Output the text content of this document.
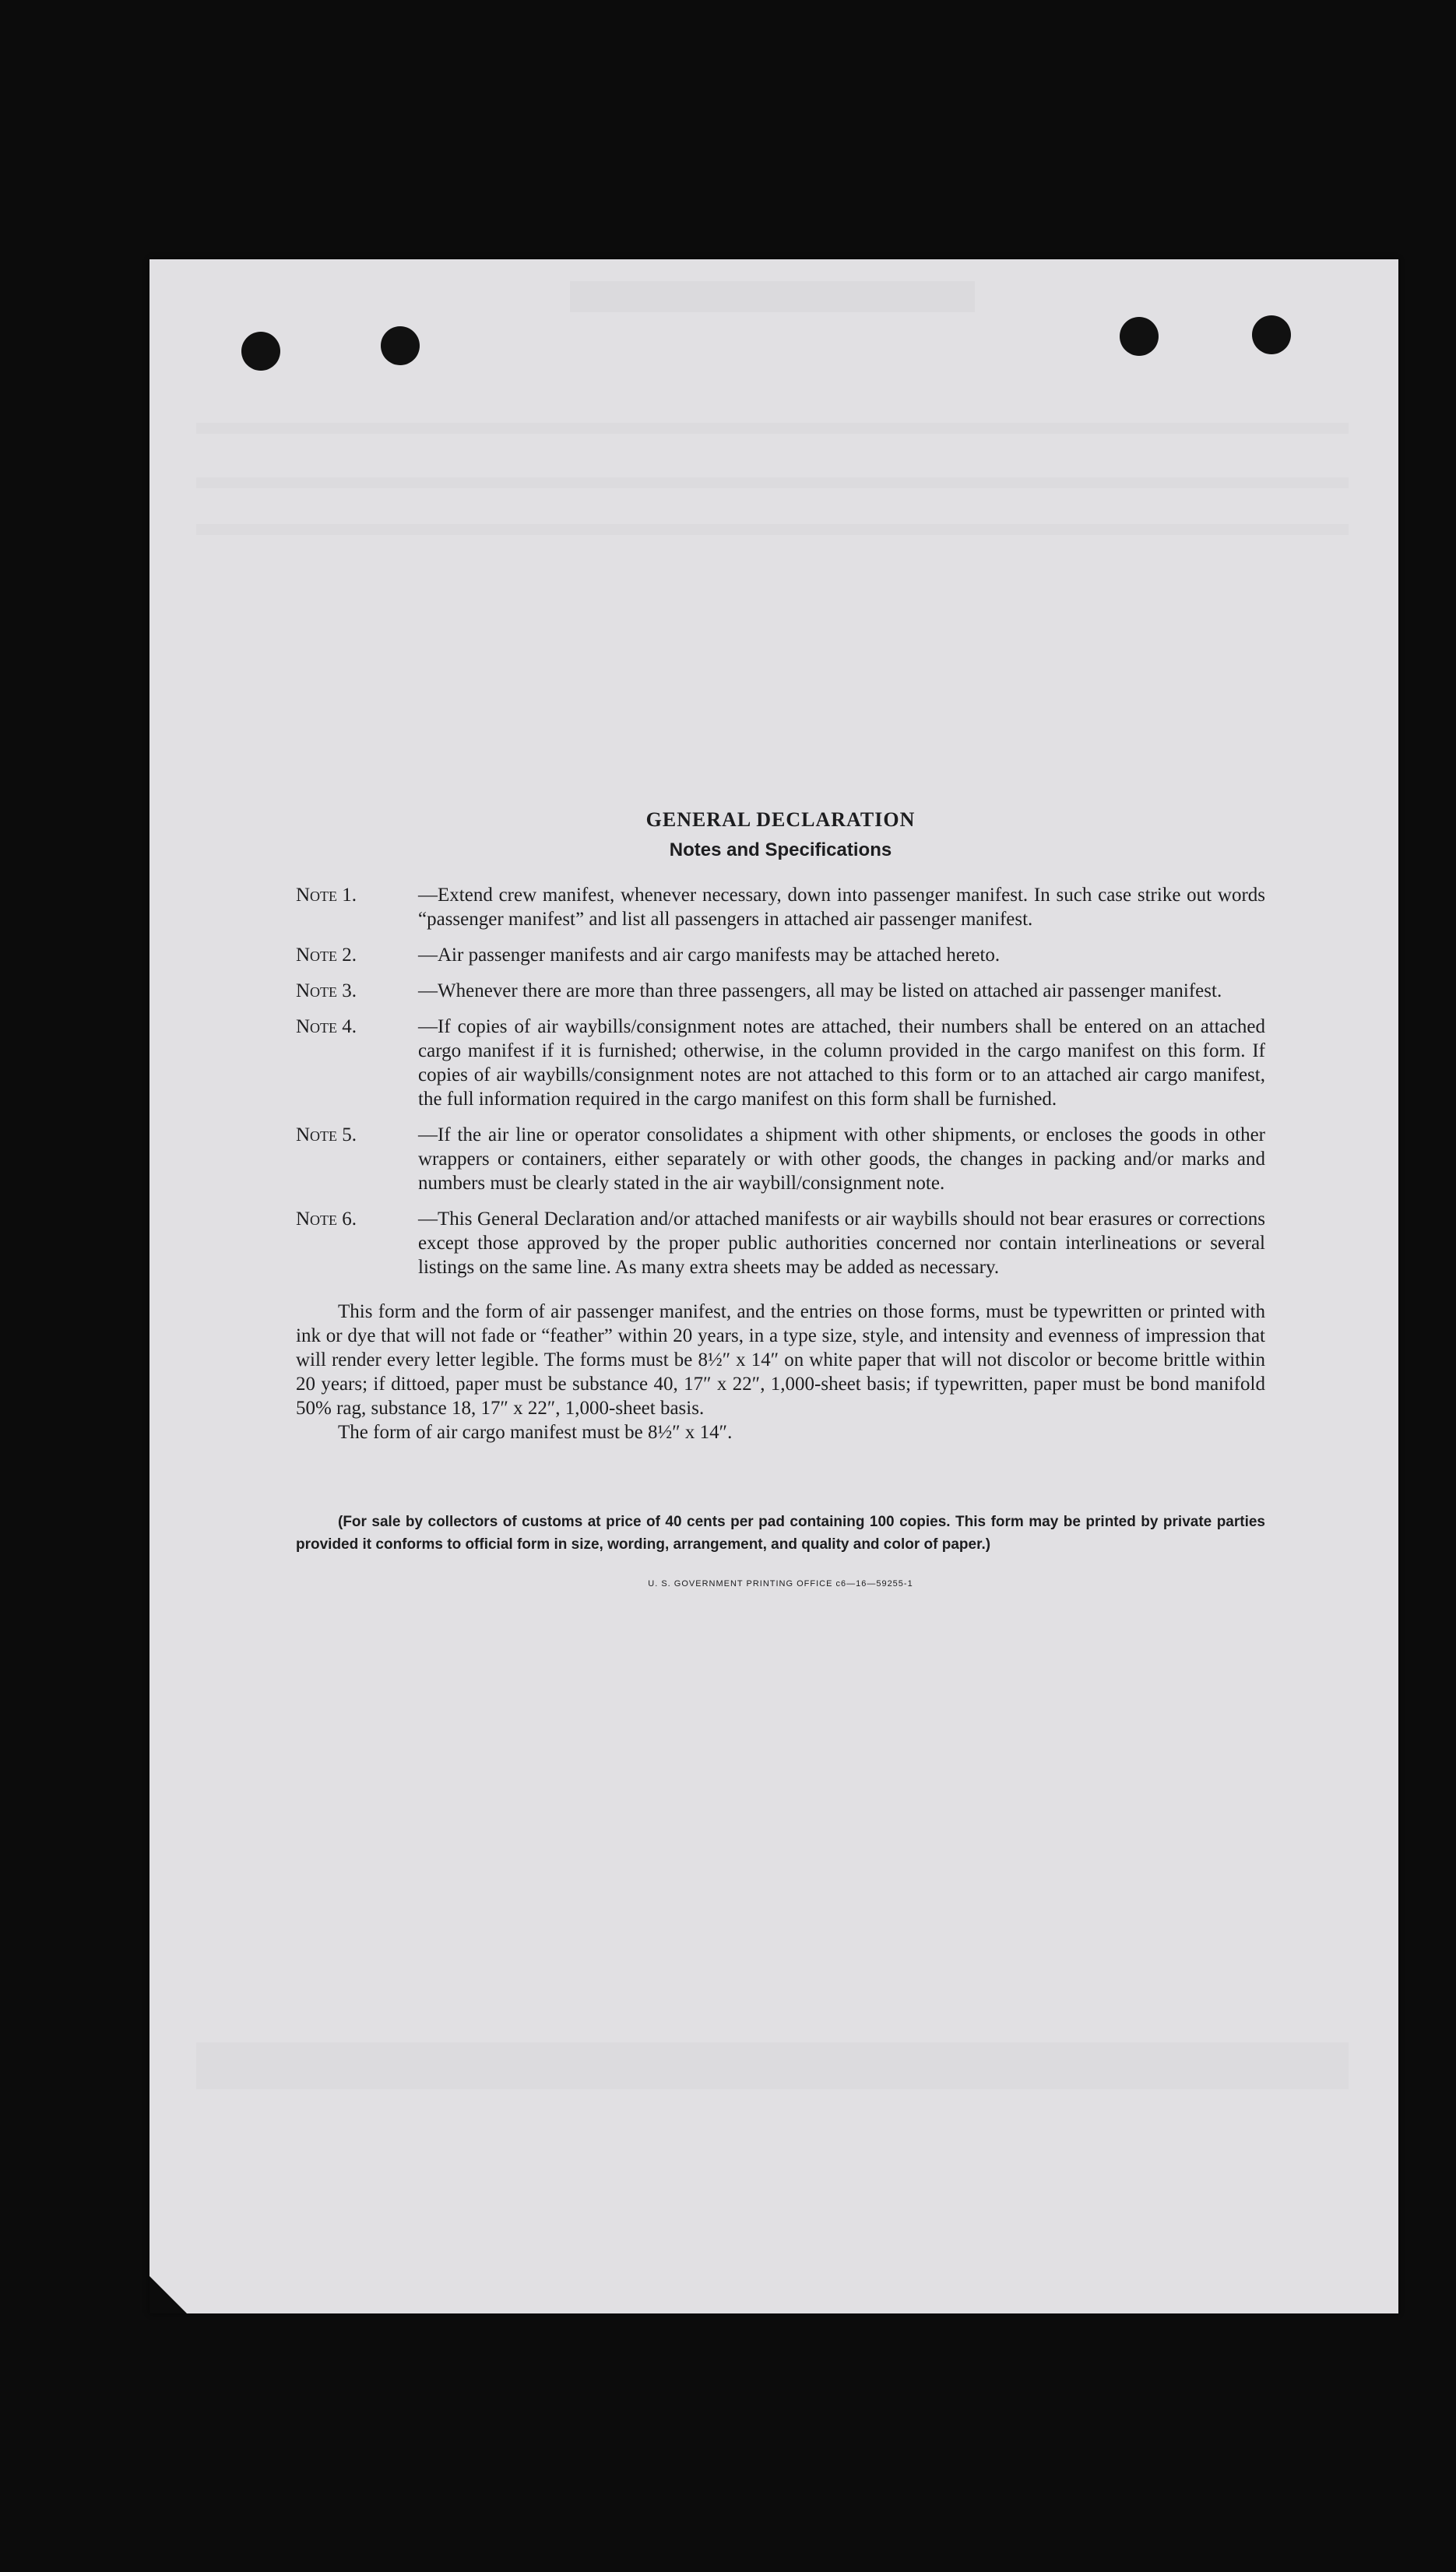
GENERAL DECLARATION
Notes and Specifications
Note 1.	—Extend crew manifest, whenever necessary, down into passenger manifest. In such case strike out words “passenger manifest” and list all passengers in attached air passenger manifest.
Note 2.	—Air passenger manifests and air cargo manifests may be attached hereto.
Note 3.	—Whenever there are more than three passengers, all may be listed on attached air passenger manifest.
Note 4.	—If copies of air waybills/consignment notes are attached, their numbers shall be entered on an attached cargo manifest if it is furnished; otherwise, in the column provided in the cargo manifest on this form. If copies of air waybills/consignment notes are not attached to this form or to an attached air cargo manifest, the full information required in the cargo manifest on this form shall be furnished.
Note 5.	—If the air line or operator consolidates a shipment with other shipments, or encloses the goods in other wrappers or containers, either separately or with other goods, the changes in packing and/or marks and numbers must be clearly stated in the air waybill/consignment note.
Note 6.	—This General Declaration and/or attached manifests or air waybills should not bear erasures or corrections except those approved by the proper public authorities concerned nor contain interlineations or several listings on the same line. As many extra sheets may be added as necessary.
This form and the form of air passenger manifest, and the entries on those forms, must be typewritten or printed with ink or dye that will not fade or “feather” within 20 years, in a type size, style, and intensity and evenness of impression that will render every letter legible. The forms must be 8½″ x 14″ on white paper that will not discolor or become brittle within 20 years; if dittoed, paper must be substance 40, 17″ x 22″, 1,000-sheet basis; if typewritten, paper must be bond manifold 50% rag, substance 18, 17″ x 22″, 1,000-sheet basis.
The form of air cargo manifest must be 8½″ x 14″.
(For sale by collectors of customs at price of 40 cents per pad containing 100 copies. This form may be printed by private parties provided it conforms to official form in size, wording, arrangement, and quality and color of paper.)
U. S. GOVERNMENT PRINTING OFFICE c6—16—59255-1
